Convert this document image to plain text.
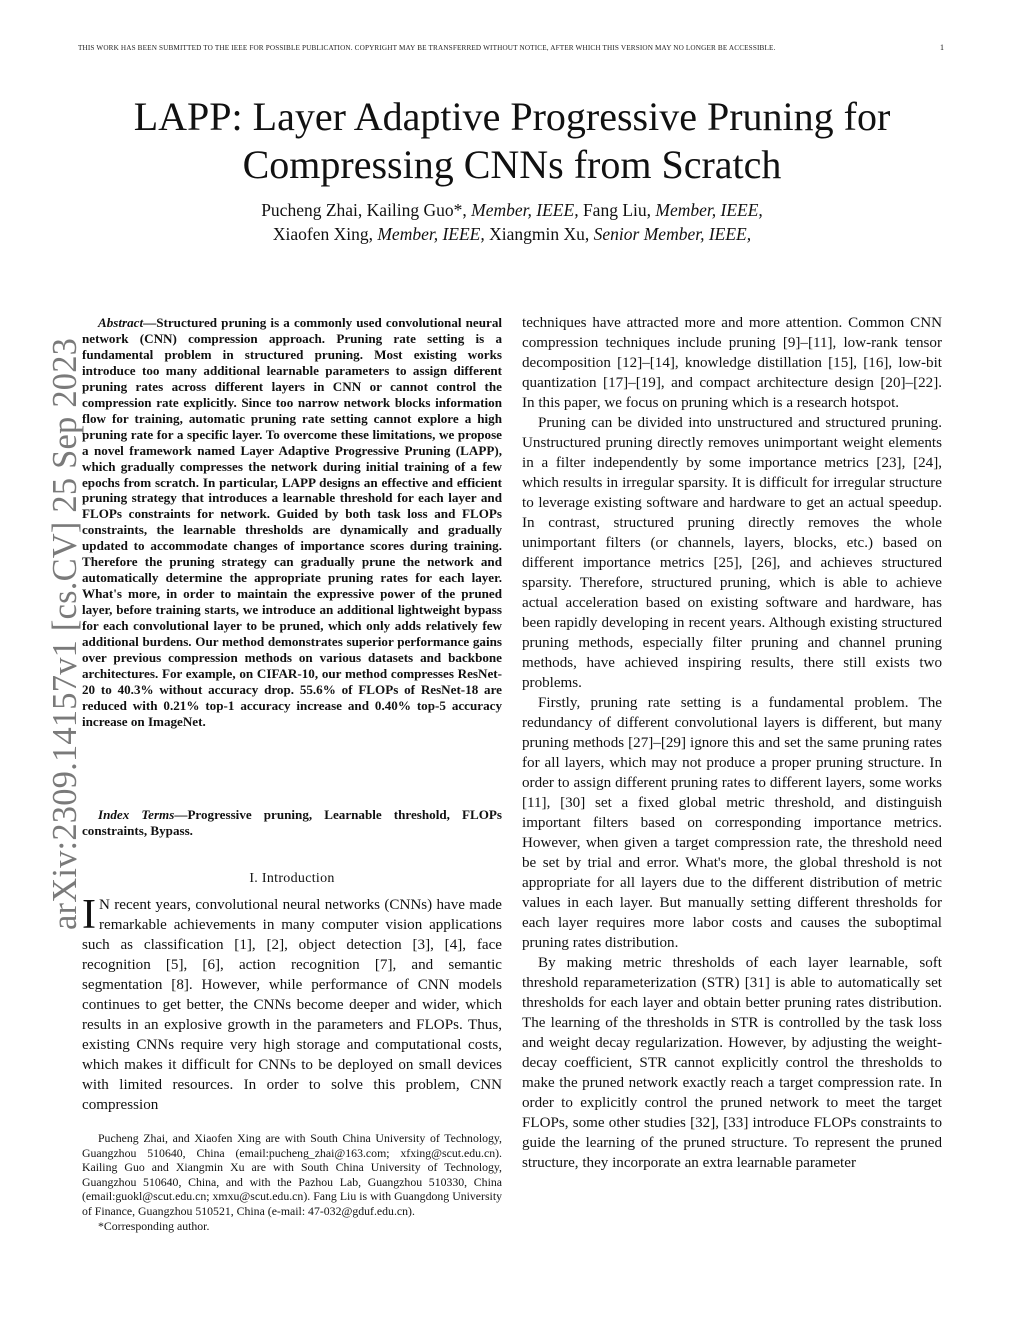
THIS WORK HAS BEEN SUBMITTED TO THE IEEE FOR POSSIBLE PUBLICATION. COPYRIGHT MAY BE TRANSFERRED WITHOUT NOTICE, AFTER WHICH THIS VERSION MAY NO LONGER BE ACCESSIBLE.	1
arXiv:2309.14157v1 [cs.CV] 25 Sep 2023
LAPP: Layer Adaptive Progressive Pruning for
Compressing CNNs from Scratch
Pucheng Zhai, Kailing Guo*, Member, IEEE, Fang Liu, Member, IEEE,
Xiaofen Xing, Member, IEEE, Xiangmin Xu, Senior Member, IEEE,

Abstract—Structured pruning is a commonly used convolutional neural network (CNN) compression approach. Pruning rate setting is a fundamental problem in structured pruning. Most existing works introduce too many additional learnable parameters to assign different pruning rates across different layers in CNN or cannot control the compression rate explicitly. Since too narrow network blocks information flow for training, automatic pruning rate setting cannot explore a high pruning rate for a specific layer. To overcome these limitations, we propose a novel framework named Layer Adaptive Progressive Pruning (LAPP), which gradually compresses the network during initial training of a few epochs from scratch. In particular, LAPP designs an effective and efficient pruning strategy that introduces a learnable threshold for each layer and FLOPs constraints for network. Guided by both task loss and FLOPs constraints, the learnable thresholds are dynamically and gradually updated to accommodate changes of importance scores during training. Therefore the pruning strategy can gradually prune the network and automatically determine the appropriate pruning rates for each layer. What's more, in order to maintain the expressive power of the pruned layer, before training starts, we introduce an additional lightweight bypass for each convolutional layer to be pruned, which only adds relatively few additional burdens. Our method demonstrates superior performance gains over previous compression methods on various datasets and backbone architectures. For example, on CIFAR-10, our method compresses ResNet-20 to 40.3% without accuracy drop. 55.6% of FLOPs of ResNet-18 are reduced with 0.21% top-1 accuracy increase and 0.40% top-5 accuracy increase on ImageNet.

Index Terms—Progressive pruning, Learnable threshold, FLOPs constraints, Bypass.

I. Introduction

I N recent years, convolutional neural networks (CNNs) have made remarkable achievements in many computer vision applications such as classification [1], [2], object detection [3], [4], face recognition [5], [6], action recognition [7], and semantic segmentation [8]. However, while performance of CNN models continues to get better, the CNNs become deeper and wider, which results in an explosive growth in the parameters and FLOPs. Thus, existing CNNs require very high storage and computational costs, which makes it difficult for CNNs to be deployed on small devices with limited resources. In order to solve this problem, CNN compression

Pucheng Zhai, and Xiaofen Xing are with South China University of Technology, Guangzhou 510640, China (email:pucheng_zhai@163.com; xfxing@scut.edu.cn). Kailing Guo and Xiangmin Xu are with South China University of Technology, Guangzhou 510640, China, and with the Pazhou Lab, Guangzhou 510330, China (email:guokl@scut.edu.cn; xmxu@scut.edu.cn). Fang Liu is with Guangdong University of Finance, Guangzhou 510521, China (e-mail: 47-032@gduf.edu.cn).

*Corresponding author.

techniques have attracted more and more attention. Common CNN compression techniques include pruning [9]–[11], low-rank tensor decomposition [12]–[14], knowledge distillation [15], [16], low-bit quantization [17]–[19], and compact architecture design [20]–[22]. In this paper, we focus on pruning which is a research hotspot.

Pruning can be divided into unstructured and structured pruning. Unstructured pruning directly removes unimportant weight elements in a filter independently by some importance metrics [23], [24], which results in irregular sparsity. It is difficult for irregular structure to leverage existing software and hardware to get an actual speedup. In contrast, structured pruning directly removes the whole unimportant filters (or channels, layers, blocks, etc.) based on different importance metrics [25], [26], and achieves structured sparsity. Therefore, structured pruning, which is able to achieve actual acceleration based on existing software and hardware, has been rapidly developing in recent years. Although existing structured pruning methods, especially filter pruning and channel pruning methods, have achieved inspiring results, there still exists two problems.

Firstly, pruning rate setting is a fundamental problem. The redundancy of different convolutional layers is different, but many pruning methods [27]–[29] ignore this and set the same pruning rates for all layers, which may not produce a proper pruning structure. In order to assign different pruning rates to different layers, some works [11], [30] set a fixed global metric threshold, and distinguish important filters based on corresponding importance metrics. However, when given a target compression rate, the threshold need be set by trial and error. What's more, the global threshold is not appropriate for all layers due to the different distribution of metric values in each layer. But manually setting different thresholds for each layer requires more labor costs and causes the suboptimal pruning rates distribution.

By making metric thresholds of each layer learnable, soft threshold reparameterization (STR) [31] is able to automatically set thresholds for each layer and obtain better pruning rates distribution. The learning of the thresholds in STR is controlled by the task loss and weight decay regularization. However, by adjusting the weight-decay coefficient, STR cannot explicitly control the thresholds to make the pruned network exactly reach a target compression rate. In order to explicitly control the pruned network to meet the target FLOPs, some other studies [32], [33] introduce FLOPs constraints to guide the learning of the pruned structure. To represent the pruned structure, they incorporate an extra learnable parameter
